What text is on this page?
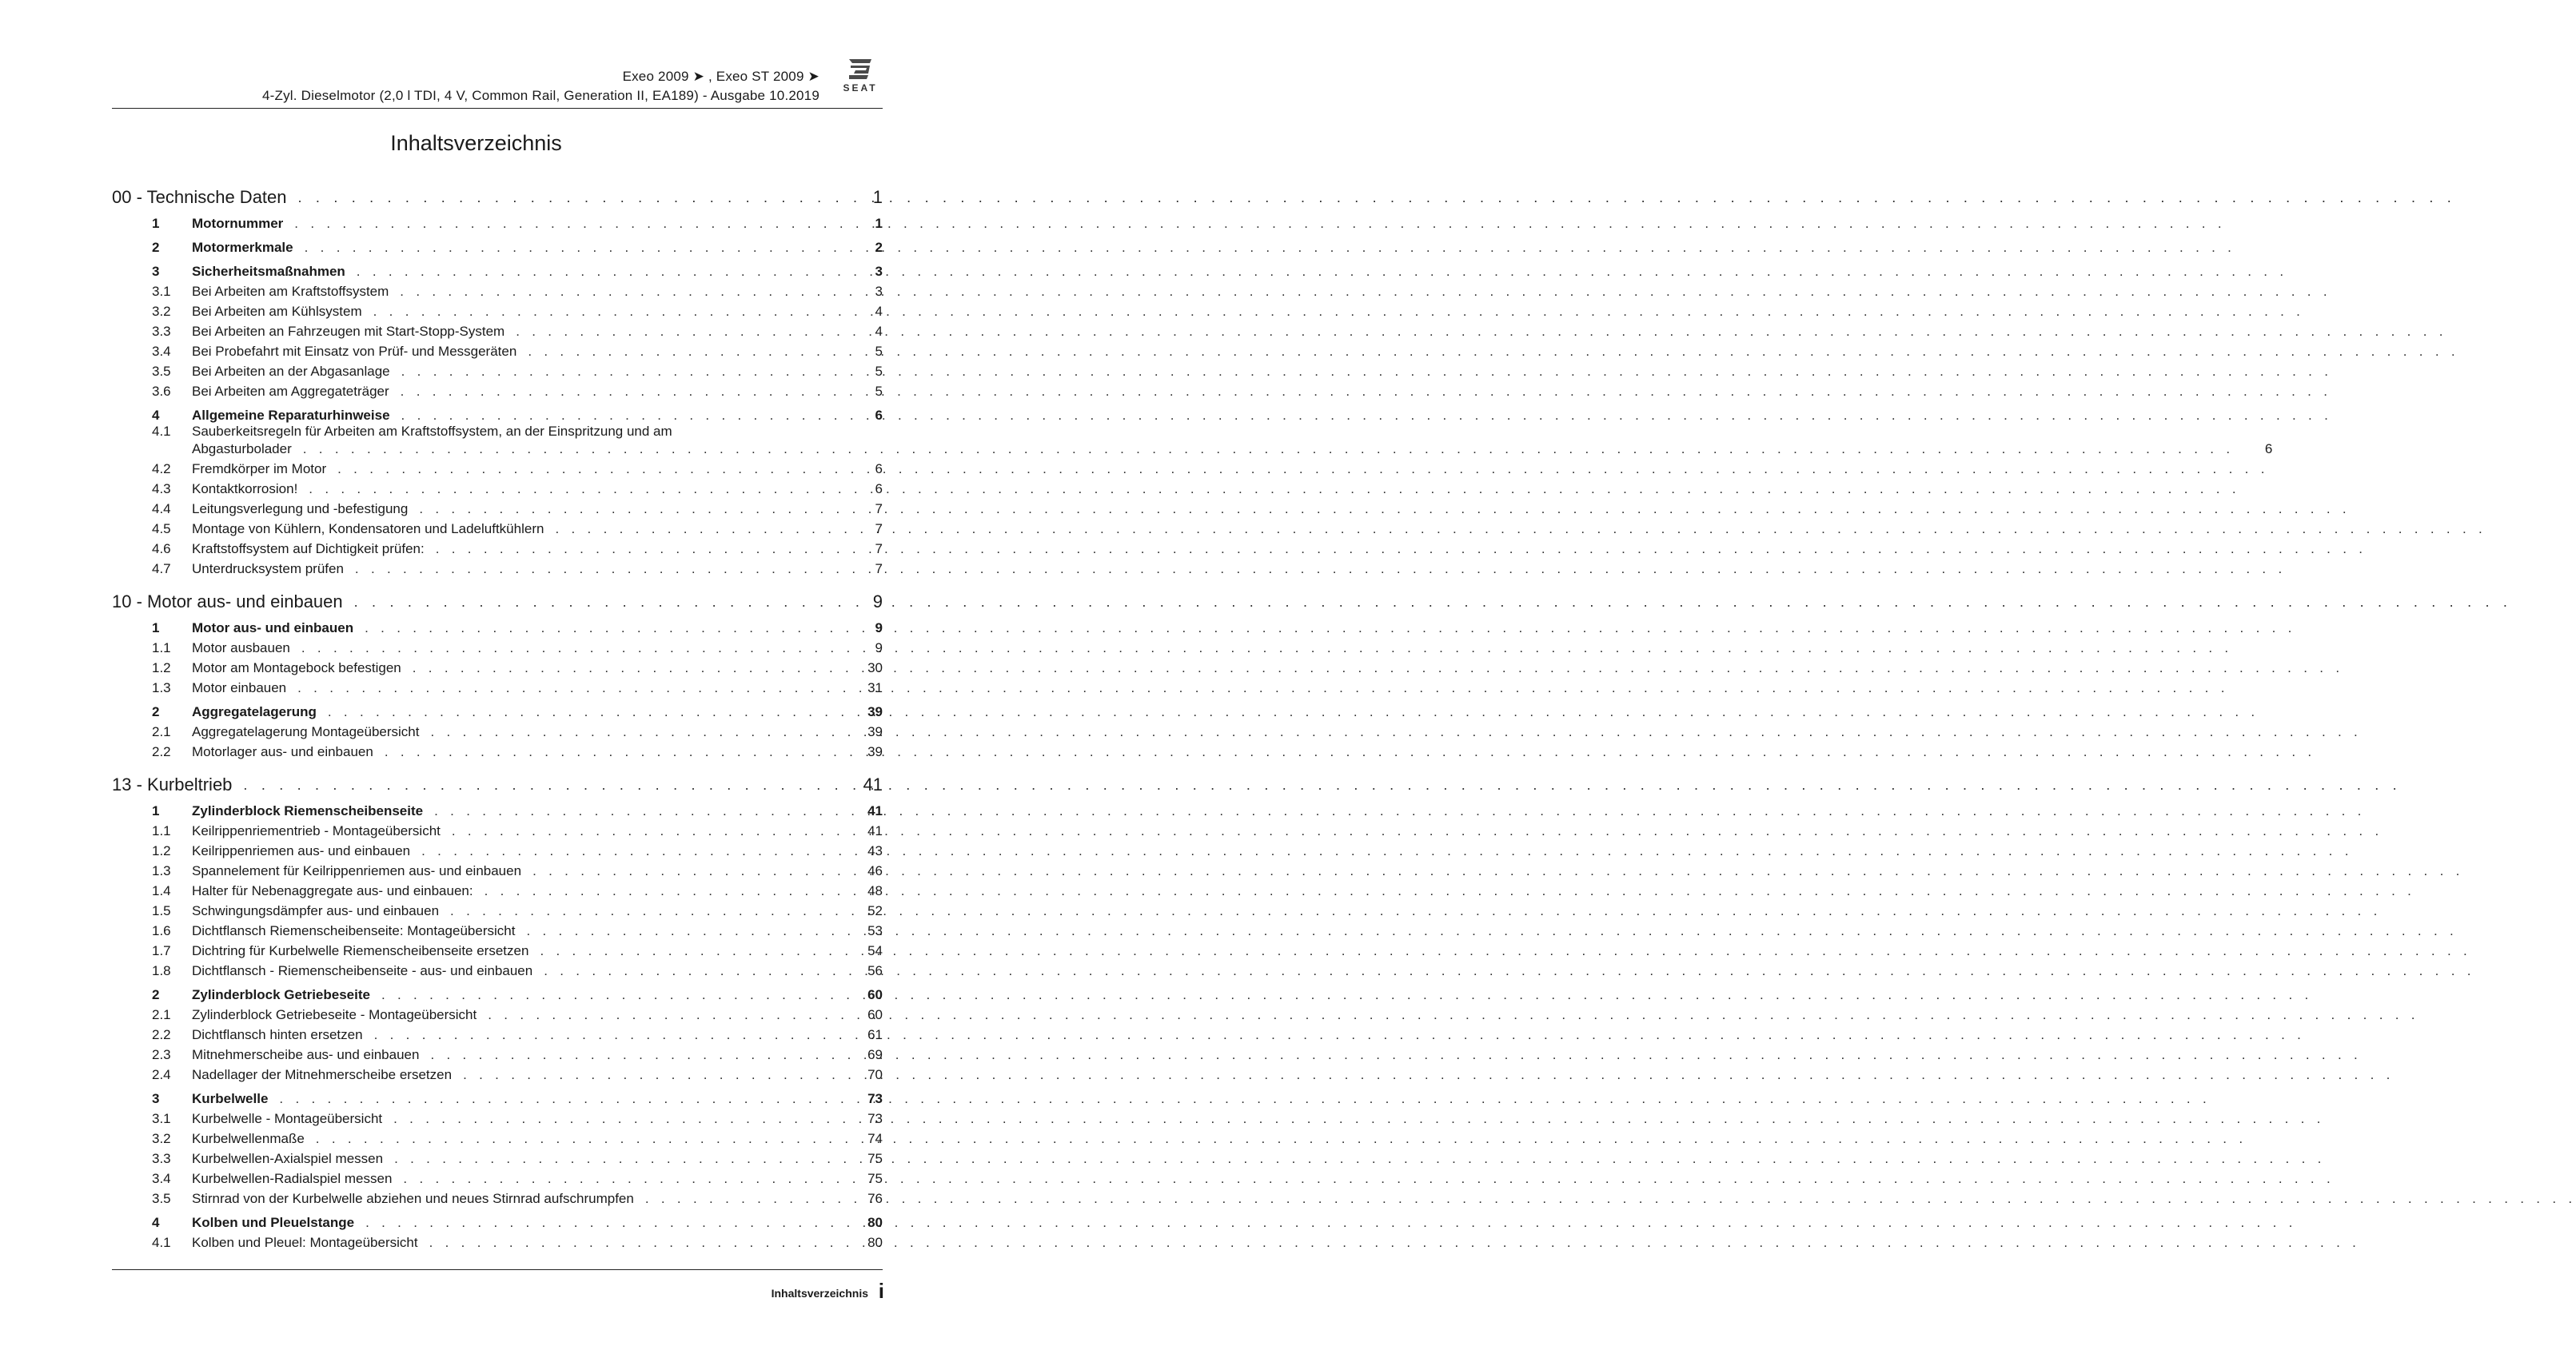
Exeo 2009 ➤ , Exeo ST 2009 ➤
4-Zyl. Dieselmotor (2,0 l TDI, 4 V, Common Rail, Generation II, EA189) - Ausgabe 10.2019	SEAT
Inhaltsverzeichnis
00 - Technische Daten . . .	1
1	Motornummer . . .	1
2	Motormerkmale . . .	2
3	Sicherheitsmaßnahmen . . .	3
3.1	Bei Arbeiten am Kraftstoffsystem . . .	3
3.2	Bei Arbeiten am Kühlsystem . . .	4
3.3	Bei Arbeiten an Fahrzeugen mit Start-Stopp-System . . .	4
3.4	Bei Probefahrt mit Einsatz von Prüf- und Messgeräten . . .	5
3.5	Bei Arbeiten an der Abgasanlage . . .	5
3.6	Bei Arbeiten am Aggregateträger . . .	5
4	Allgemeine Reparaturhinweise . . .	6
4.1	Sauberkeitsregeln für Arbeiten am Kraftstoffsystem, an der Einspritzung und am
Abgasturbolader . . .	6
4.2	Fremdkörper im Motor . . .	6
4.3	Kontaktkorrosion! . . .	6
4.4	Leitungsverlegung und -befestigung . . .	7
4.5	Montage von Kühlern, Kondensatoren und Ladeluftkühlern . . .	7
4.6	Kraftstoffsystem auf Dichtigkeit prüfen: . . .	7
4.7	Unterdrucksystem prüfen . . .	7
10 - Motor aus- und einbauen . . .	9
1	Motor aus- und einbauen . . .	9
1.1	Motor ausbauen . . .	9
1.2	Motor am Montagebock befestigen . . .	30
1.3	Motor einbauen . . .	31
2	Aggregatelagerung . . .	39
2.1	Aggregatelagerung Montageübersicht . . .	39
2.2	Motorlager aus- und einbauen . . .	39
13 - Kurbeltrieb . . .	41
1	Zylinderblock Riemenscheibenseite . . .	41
1.1	Keilrippenriementrieb - Montageübersicht . . .	41
1.2	Keilrippenriemen aus- und einbauen . . .	43
1.3	Spannelement für Keilrippenriemen aus- und einbauen . . .	46
1.4	Halter für Nebenaggregate aus- und einbauen: . . .	48
1.5	Schwingungsdämpfer aus- und einbauen . . .	52
1.6	Dichtflansch Riemenscheibenseite: Montageübersicht . . .	53
1.7	Dichtring für Kurbelwelle Riemenscheibenseite ersetzen . . .	54
1.8	Dichtflansch - Riemenscheibenseite - aus- und einbauen . . .	56
2	Zylinderblock Getriebeseite . . .	60
2.1	Zylinderblock Getriebeseite - Montageübersicht . . .	60
2.2	Dichtflansch hinten ersetzen . . .	61
2.3	Mitnehmerscheibe aus- und einbauen . . .	69
2.4	Nadellager der Mitnehmerscheibe ersetzen . . .	70
3	Kurbelwelle . . .	73
3.1	Kurbelwelle - Montageübersicht . . .	73
3.2	Kurbelwellenmaße . . .	74
3.3	Kurbelwellen-Axialspiel messen . . .	75
3.4	Kurbelwellen-Radialspiel messen . . .	75
3.5	Stirnrad von der Kurbelwelle abziehen und neues Stirnrad aufschrumpfen . . .	76
4	Kolben und Pleuelstange . . .	80
4.1	Kolben und Pleuel: Montageübersicht . . .	80
Inhaltsverzeichnis i
